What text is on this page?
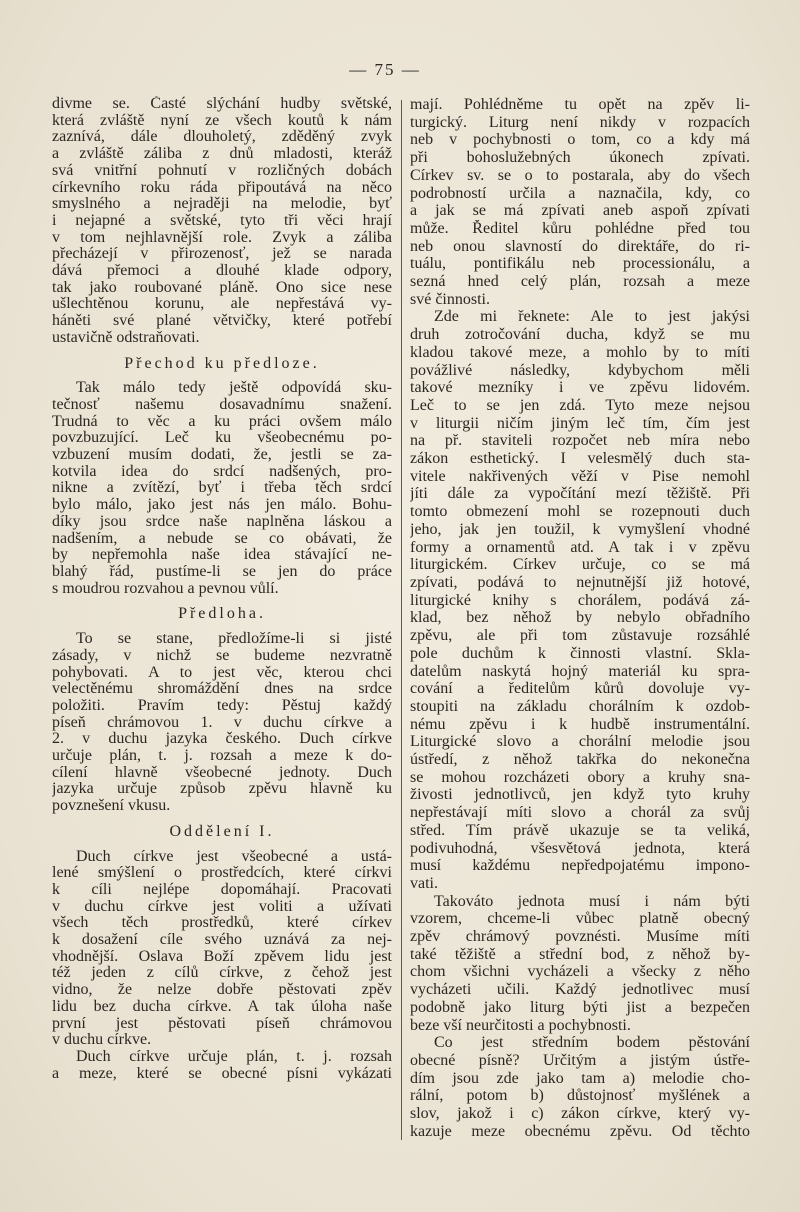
— 75 —
divme se. Časté slýchání hudby světské,
která zvláště nyní ze všech koutů k nám
zaznívá, dále dlouholetý, zděděný zvyk
a zvláště záliba z dnů mladosti, kteráž
svá vnitřní pohnutí v rozličných dobách
církevního roku ráda připoutává na něco
smyslného a nejraději na melodie, byť
i nejapné a světské, tyto tři věci hrají
v tom nejhlavnější role. Zvyk a záliba
přecházejí v přirozenosť, jež se narada
dává přemoci a dlouhé klade odpory,
tak jako roubované pláně. Ono sice nese
ušlechtěnou korunu, ale nepřestává vy-
háněti své plané větvičky, které potřebí
ustavičně odstraňovati.
Přechod ku předloze.
Tak málo tedy ještě odpovídá sku-
tečnosť našemu dosavadnímu snažení.
Trudná to věc a ku práci ovšem málo
povzbuzující. Leč ku všeobecnému po-
vzbuzení musím dodati, že, jestli se za-
kotvila idea do srdcí nadšených, pro-
nikne a zvítězí, byť i třeba těch srdcí
bylo málo, jako jest nás jen málo. Bohu-
díky jsou srdce naše naplněna láskou a
nadšením, a nebude se co obávati, že
by nepřemohla naše idea stávající ne-
blahý řád, pustíme-li se jen do práce
s moudrou rozvahou a pevnou vůlí.
Předloha.
To se stane, předložíme-li si jisté
zásady, v nichž se budeme nezvratně
pohybovati. A to jest věc, kterou chci
velectěnému shromáždění dnes na srdce
položiti. Pravím tedy: Pěstuj každý
píseň chrámovou 1. v duchu církve a
2. v duchu jazyka českého. Duch církve
určuje plán, t. j. rozsah a meze k do-
cílení hlavně všeobecné jednoty. Duch
jazyka určuje způsob zpěvu hlavně ku
povznešení vkusu.
Oddělení I.
Duch církve jest všeobecné a ustá-
lené smýšlení o prostředcích, které církvi
k cíli nejlépe dopomáhají. Pracovati
v duchu církve jest voliti a užívati
všech těch prostředků, které církev
k dosažení cíle svého uznává za nej-
vhodnější. Oslava Boží zpěvem lidu jest
též jeden z cílů církve, z čehož jest
vidno, že nelze dobře pěstovati zpěv
lidu bez ducha církve. A tak úloha naše
první jest pěstovati píseň chrámovou
v duchu církve.
Duch církve určuje plán, t. j. rozsah
a meze, které se obecné písni vykázati
mají. Pohlédněme tu opět na zpěv li-
turgický. Liturg není nikdy v rozpacích
neb v pochybnosti o tom, co a kdy má
při bohoslužebných úkonech zpívati.
Církev sv. se o to postarala, aby do všech
podrobností určila a naznačila, kdy, co
a jak se má zpívati aneb aspoň zpívati
může. Ředitel kůru pohlédne před tou
neb onou slavností do direktáře, do ri-
tuálu, pontifikálu neb processionálu, a
sezná hned celý plán, rozsah a meze
své činnosti.
Zde mi řeknete: Ale to jest jakýsi
druh zotročování ducha, když se mu
kladou takové meze, a mohlo by to míti
povážlivé následky, kdybychom měli
takové mezníky i ve zpěvu lidovém.
Leč to se jen zdá. Tyto meze nejsou
v liturgii ničím jiným leč tím, čím jest
na př. staviteli rozpočet neb míra nebo
zákon esthetický. I velesmělý duch sta-
vitele nakřivených věží v Pise nemohl
jíti dále za vypočítání mezí těžiště. Při
tomto obmezení mohl se rozepnouti duch
jeho, jak jen toužil, k vymyšlení vhodné
formy a ornamentů atd. A tak i v zpěvu
liturgickém. Církev určuje, co se má
zpívati, podává to nejnutnější již hotové,
liturgické knihy s chorálem, podává zá-
klad, bez něhož by nebylo obřadního
zpěvu, ale při tom zůstavuje rozsáhlé
pole duchům k činnosti vlastní. Skla-
datelům naskytá hojný materiál ku spra-
cování a ředitelům kůrů dovoluje vy-
stoupiti na základu chorálním k ozdob-
nému zpěvu i k hudbě instrumentální.
Liturgické slovo a chorální melodie jsou
ústředí, z něhož takřka do nekonečna
se mohou rozcházeti obory a kruhy sna-
živosti jednotlivců, jen když tyto kruhy
nepřestávají míti slovo a chorál za svůj
střed. Tím právě ukazuje se ta veliká,
podivuhodná, všesvětová jednota, která
musí každému nepředpojatému impono-
vati.
Takováto jednota musí i nám býti
vzorem, chceme-li vůbec platně obecný
zpěv chrámový povznésti. Musíme míti
také těžiště a střední bod, z něhož by-
chom všichni vycházeli a všecky z něho
vycházeti učili. Každý jednotlivec musí
podobně jako liturg býti jist a bezpečen
beze vší neurčitosti a pochybnosti.
Co jest středním bodem pěstování
obecné písně? Určitým a jistým ústře-
dím jsou zde jako tam a) melodie cho-
rální, potom b) důstojnosť myšlének a
slov, jakož i c) zákon církve, který vy-
kazuje meze obecnému zpěvu. Od těchto
